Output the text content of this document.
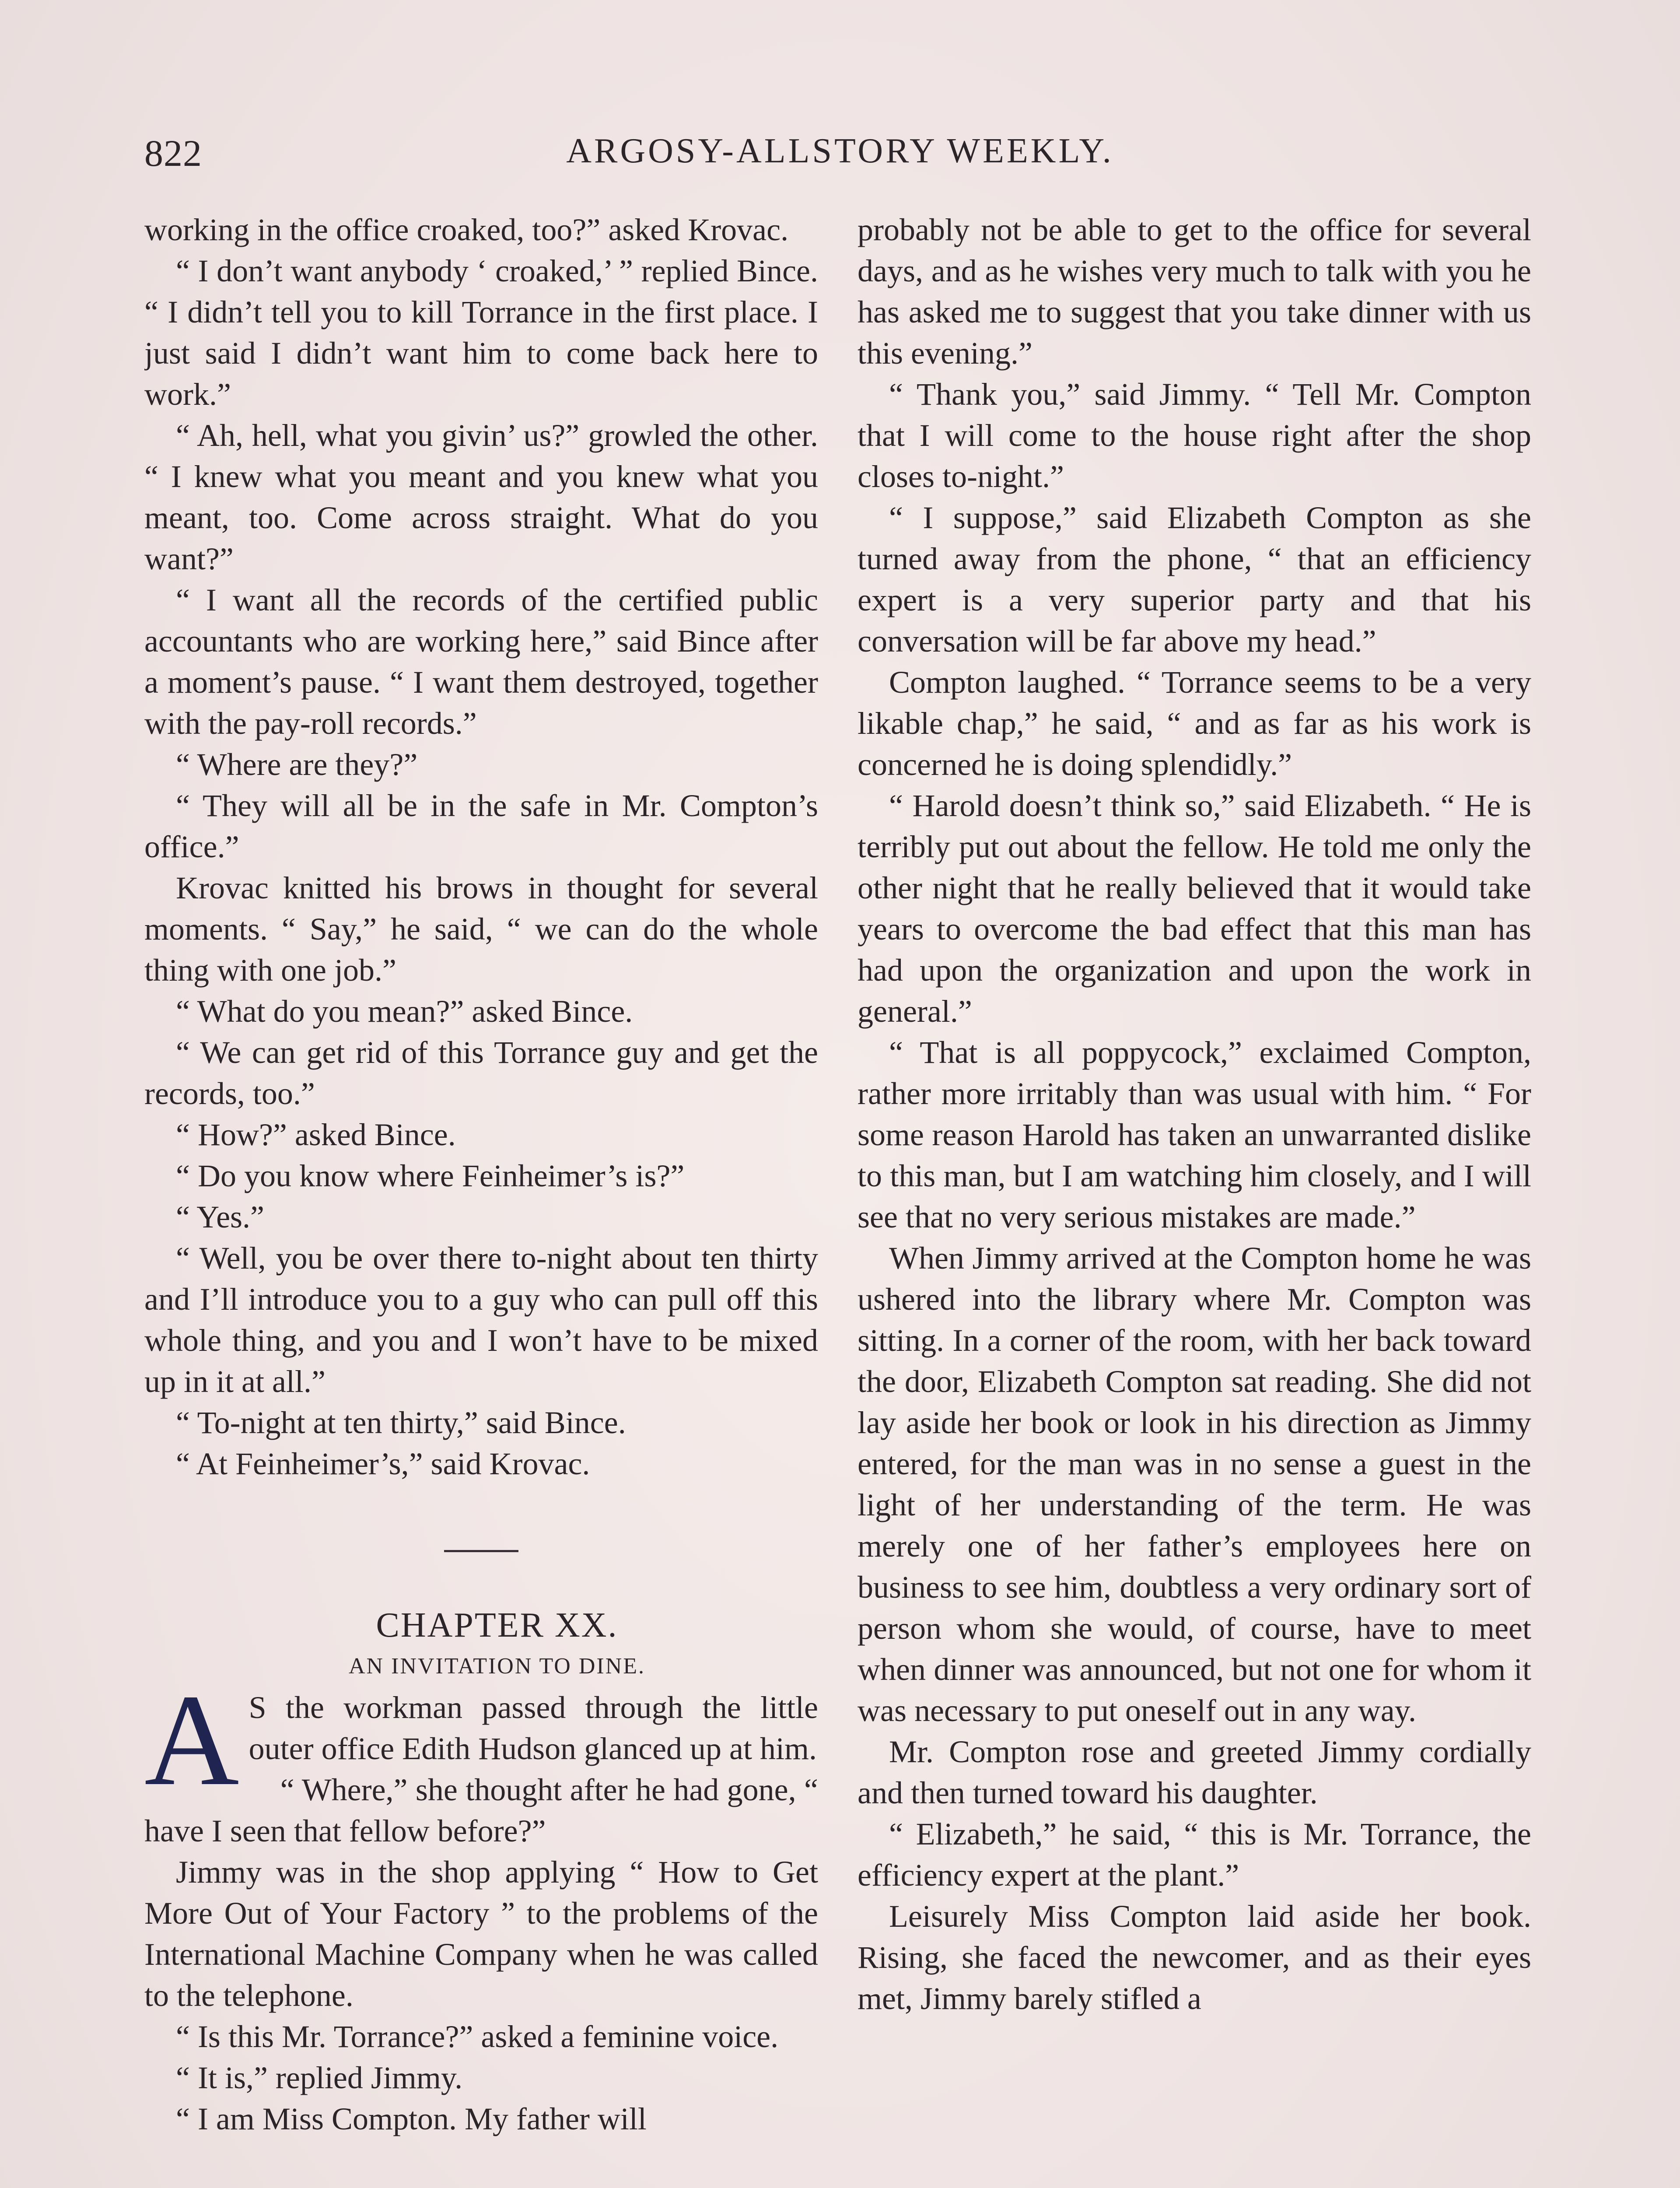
822	ARGOSY-ALLSTORY WEEKLY.

working in the office croaked, too?” asked Krovac.

“ I don’t want anybody ‘ croaked,’ ” replied Bince. “ I didn’t tell you to kill Torrance in the first place. I just said I didn’t want him to come back here to work.”

“ Ah, hell, what you givin’ us?” growled the other. “ I knew what you meant and you knew what you meant, too. Come across straight. What do you want?”

“ I want all the records of the certified public accountants who are working here,” said Bince after a moment’s pause. “ I want them destroyed, together with the pay-roll records.”

“ Where are they?”

“ They will all be in the safe in Mr. Compton’s office.”

Krovac knitted his brows in thought for several moments. “ Say,” he said, “ we can do the whole thing with one job.”

“ What do you mean?” asked Bince.

“ We can get rid of this Torrance guy and get the records, too.”

“ How?” asked Bince.

“ Do you know where Feinheimer’s is?”

“ Yes.”

“ Well, you be over there to-night about ten thirty and I’ll introduce you to a guy who can pull off this whole thing, and you and I won’t have to be mixed up in it at all.”

“ To-night at ten thirty,” said Bince.

“ At Feinheimer’s,” said Krovac.

CHAPTER XX.

AN INVITATION TO DINE.

A S the workman passed through the little outer office Edith Hudson glanced up at him.

“ Where,” she thought after he had gone, “ have I seen that fellow before?”

Jimmy was in the shop applying “ How to Get More Out of Your Factory ” to the problems of the International Machine Company when he was called to the telephone.

“ Is this Mr. Torrance?” asked a feminine voice.

“ It is,” replied Jimmy.

“ I am Miss Compton. My father will

probably not be able to get to the office for several days, and as he wishes very much to talk with you he has asked me to suggest that you take dinner with us this evening.”

“ Thank you,” said Jimmy. “ Tell Mr. Compton that I will come to the house right after the shop closes to-night.”

“ I suppose,” said Elizabeth Compton as she turned away from the phone, “ that an efficiency expert is a very superior party and that his conversation will be far above my head.”

Compton laughed. “ Torrance seems to be a very likable chap,” he said, “ and as far as his work is concerned he is doing splendidly.”

“ Harold doesn’t think so,” said Elizabeth. “ He is terribly put out about the fellow. He told me only the other night that he really believed that it would take years to overcome the bad effect that this man has had upon the organization and upon the work in general.”

“ That is all poppycock,” exclaimed Compton, rather more irritably than was usual with him. “ For some reason Harold has taken an unwarranted dislike to this man, but I am watching him closely, and I will see that no very serious mistakes are made.”

When Jimmy arrived at the Compton home he was ushered into the library where Mr. Compton was sitting. In a corner of the room, with her back toward the door, Elizabeth Compton sat reading. She did not lay aside her book or look in his direction as Jimmy entered, for the man was in no sense a guest in the light of her understanding of the term. He was merely one of her father’s employees here on business to see him, doubtless a very ordinary sort of person whom she would, of course, have to meet when dinner was announced, but not one for whom it was necessary to put oneself out in any way.

Mr. Compton rose and greeted Jimmy cordially and then turned toward his daughter.

“ Elizabeth,” he said, “ this is Mr. Torrance, the efficiency expert at the plant.”

Leisurely Miss Compton laid aside her book. Rising, she faced the newcomer, and as their eyes met, Jimmy barely stifled a
